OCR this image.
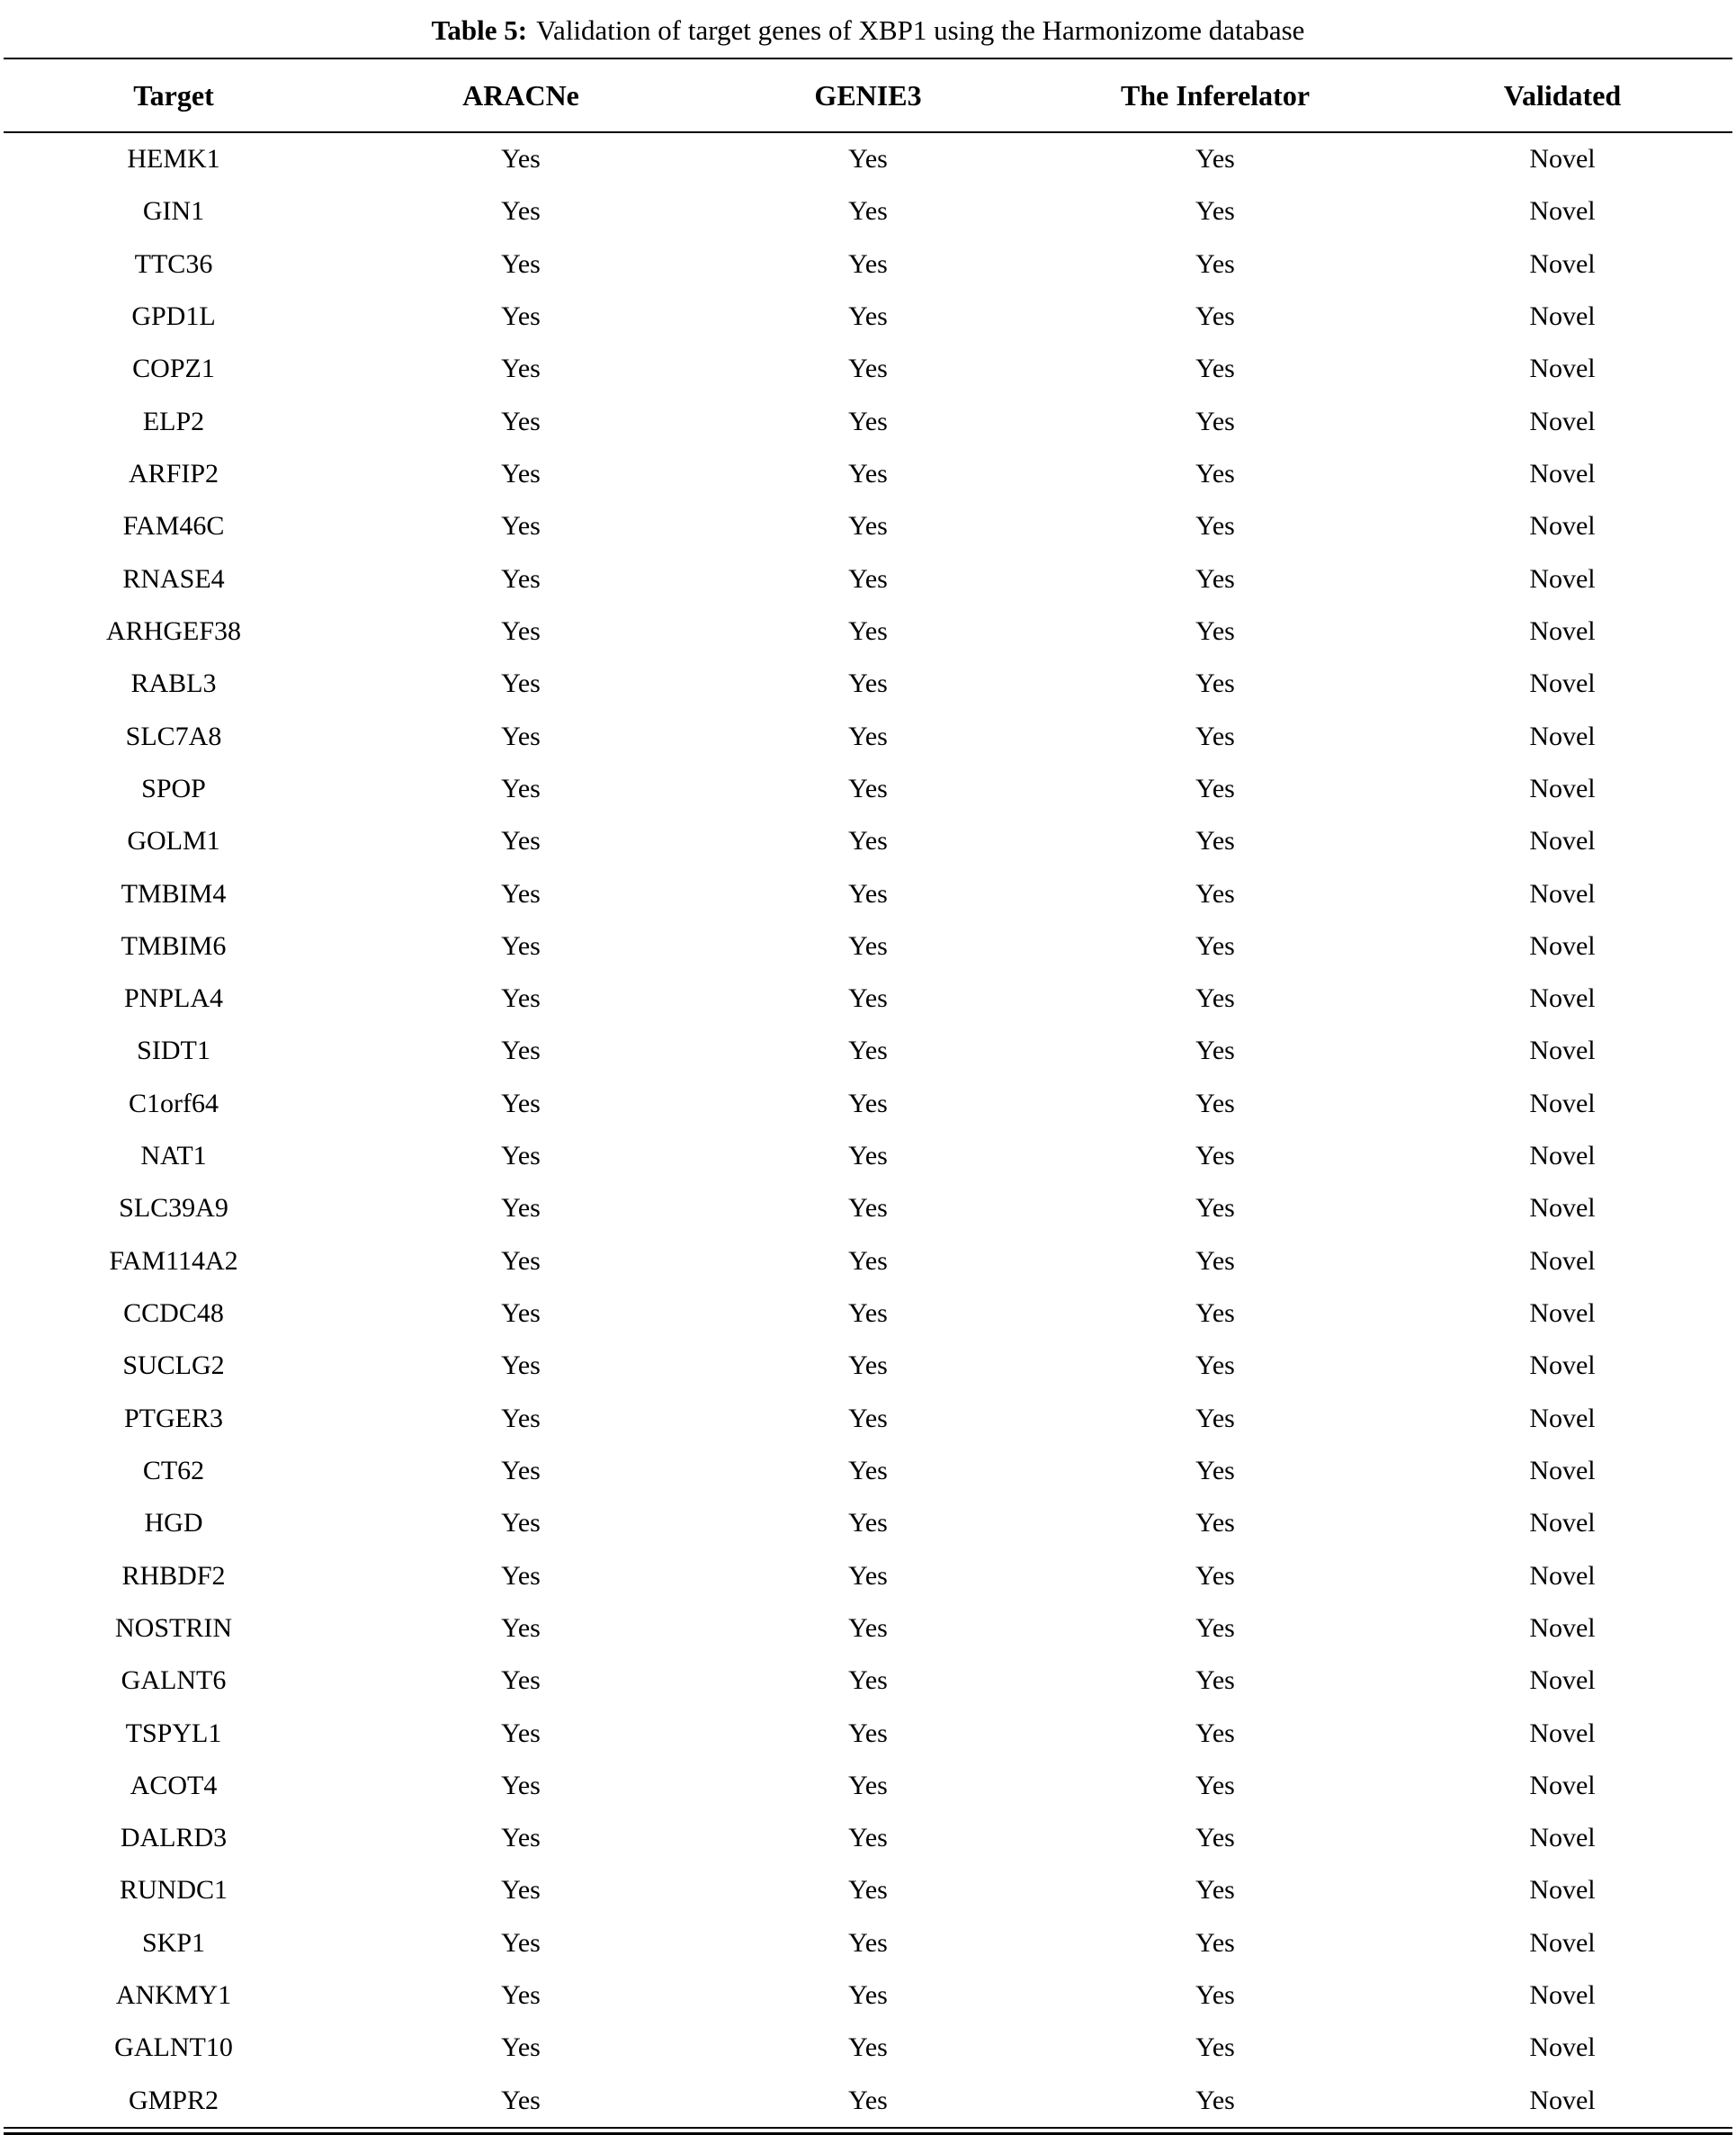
Table 5: Validation of target genes of XBP1 using the Harmonizome database
Target	ARACNe	GENIE3	The Inferelator	Validated
HEMK1	Yes	Yes	Yes	Novel
GIN1	Yes	Yes	Yes	Novel
TTC36	Yes	Yes	Yes	Novel
GPD1L	Yes	Yes	Yes	Novel
COPZ1	Yes	Yes	Yes	Novel
ELP2	Yes	Yes	Yes	Novel
ARFIP2	Yes	Yes	Yes	Novel
FAM46C	Yes	Yes	Yes	Novel
RNASE4	Yes	Yes	Yes	Novel
ARHGEF38	Yes	Yes	Yes	Novel
RABL3	Yes	Yes	Yes	Novel
SLC7A8	Yes	Yes	Yes	Novel
SPOP	Yes	Yes	Yes	Novel
GOLM1	Yes	Yes	Yes	Novel
TMBIM4	Yes	Yes	Yes	Novel
TMBIM6	Yes	Yes	Yes	Novel
PNPLA4	Yes	Yes	Yes	Novel
SIDT1	Yes	Yes	Yes	Novel
C1orf64	Yes	Yes	Yes	Novel
NAT1	Yes	Yes	Yes	Novel
SLC39A9	Yes	Yes	Yes	Novel
FAM114A2	Yes	Yes	Yes	Novel
CCDC48	Yes	Yes	Yes	Novel
SUCLG2	Yes	Yes	Yes	Novel
PTGER3	Yes	Yes	Yes	Novel
CT62	Yes	Yes	Yes	Novel
HGD	Yes	Yes	Yes	Novel
RHBDF2	Yes	Yes	Yes	Novel
NOSTRIN	Yes	Yes	Yes	Novel
GALNT6	Yes	Yes	Yes	Novel
TSPYL1	Yes	Yes	Yes	Novel
ACOT4	Yes	Yes	Yes	Novel
DALRD3	Yes	Yes	Yes	Novel
RUNDC1	Yes	Yes	Yes	Novel
SKP1	Yes	Yes	Yes	Novel
ANKMY1	Yes	Yes	Yes	Novel
GALNT10	Yes	Yes	Yes	Novel
GMPR2	Yes	Yes	Yes	Novel
